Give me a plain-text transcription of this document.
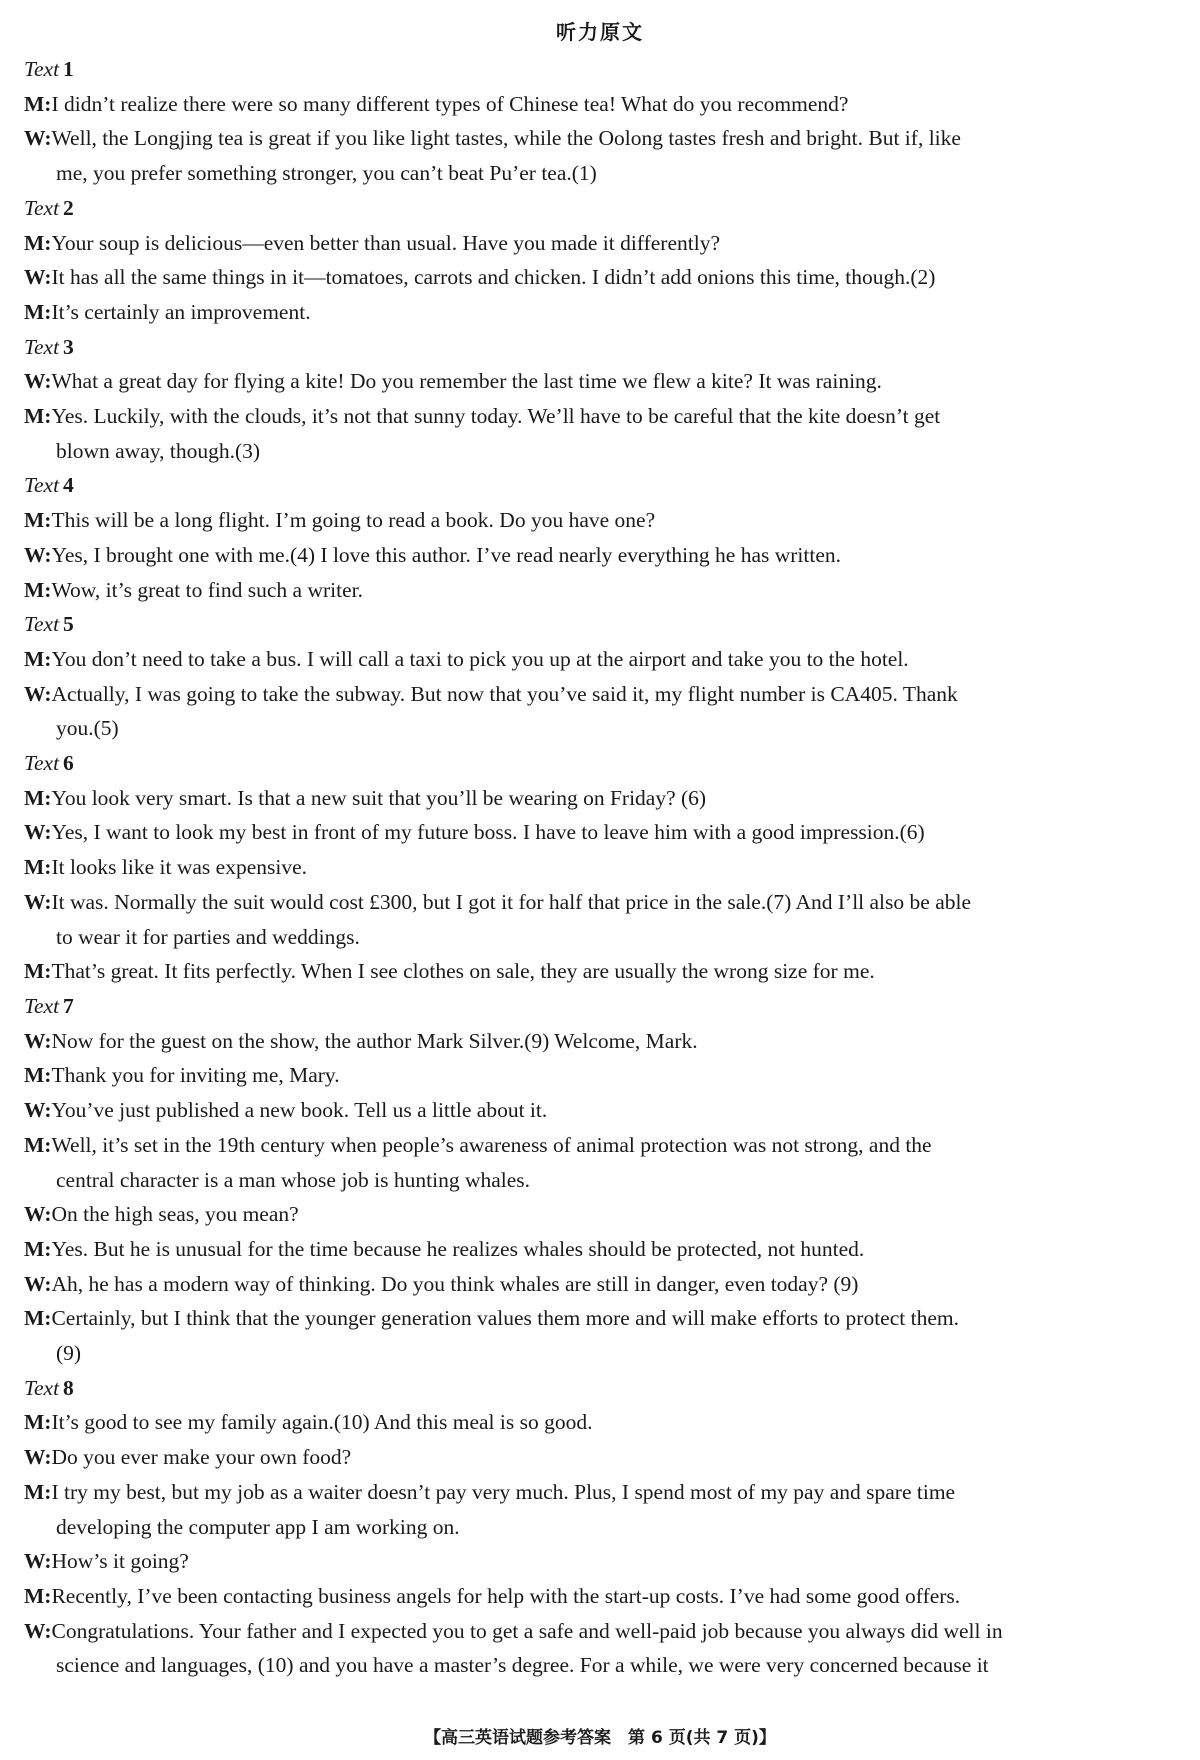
听力原文
Text 1
M:I didn’t realize there were so many different types of Chinese tea! What do you recommend?
W:Well, the Longjing tea is great if you like light tastes, while the Oolong tastes fresh and bright. But if, like
me, you prefer something stronger, you can’t beat Pu’er tea.(1)
Text 2
M:Your soup is delicious—even better than usual. Have you made it differently?
W:It has all the same things in it—tomatoes, carrots and chicken. I didn’t add onions this time, though.(2)
M:It’s certainly an improvement.
Text 3
W:What a great day for flying a kite! Do you remember the last time we flew a kite? It was raining.
M:Yes. Luckily, with the clouds, it’s not that sunny today. We’ll have to be careful that the kite doesn’t get
blown away, though.(3)
Text 4
M:This will be a long flight. I’m going to read a book. Do you have one?
W:Yes, I brought one with me.(4) I love this author. I’ve read nearly everything he has written.
M:Wow, it’s great to find such a writer.
Text 5
M:You don’t need to take a bus. I will call a taxi to pick you up at the airport and take you to the hotel.
W:Actually, I was going to take the subway. But now that you’ve said it, my flight number is CA405. Thank
you.(5)
Text 6
M:You look very smart. Is that a new suit that you’ll be wearing on Friday? (6)
W:Yes, I want to look my best in front of my future boss. I have to leave him with a good impression.(6)
M:It looks like it was expensive.
W:It was. Normally the suit would cost £300, but I got it for half that price in the sale.(7) And I’ll also be able
to wear it for parties and weddings.
M:That’s great. It fits perfectly. When I see clothes on sale, they are usually the wrong size for me.
Text 7
W:Now for the guest on the show, the author Mark Silver.(9) Welcome, Mark.
M:Thank you for inviting me, Mary.
W:You’ve just published a new book. Tell us a little about it.
M:Well, it’s set in the 19th century when people’s awareness of animal protection was not strong, and the
central character is a man whose job is hunting whales.
W:On the high seas, you mean?
M:Yes. But he is unusual for the time because he realizes whales should be protected, not hunted.
W:Ah, he has a modern way of thinking. Do you think whales are still in danger, even today? (9)
M:Certainly, but I think that the younger generation values them more and will make efforts to protect them.
(9)
Text 8
M:It’s good to see my family again.(10) And this meal is so good.
W:Do you ever make your own food?
M:I try my best, but my job as a waiter doesn’t pay very much. Plus, I spend most of my pay and spare time
developing the computer app I am working on.
W:How’s it going?
M:Recently, I’ve been contacting business angels for help with the start-up costs. I’ve had some good offers.
W:Congratulations. Your father and I expected you to get a safe and well-paid job because you always did well in
science and languages, (10) and you have a master’s degree. For a while, we were very concerned because it
【高三英语试题参考答案　第 6 页(共 7 页)】
